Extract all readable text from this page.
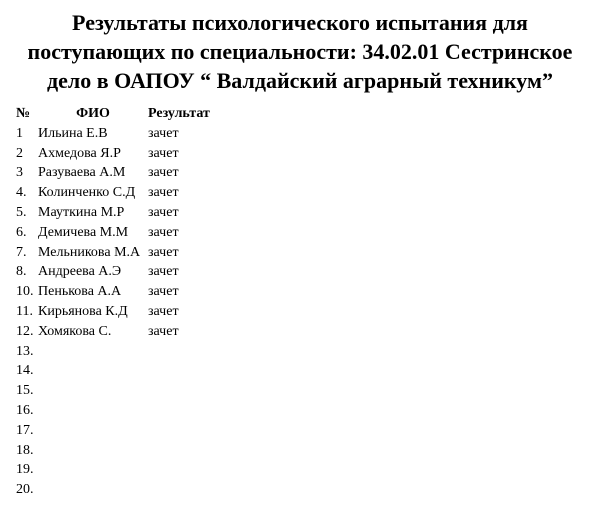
Результаты психологического испытания для
поступающих по специальности: 34.02.01 Сестринское
дело в ОАПОУ “ Валдайский аграрный техникум”
№	ФИО	Результат
1	Ильина Е.В	зачет
2	Ахмедова Я.Р	зачет
3	Разуваева А.М	зачет
4. Колинченко С.Д зачет
5. Мауткина М.Р	зачет
6. Демичева М.М	зачет
7. Мельникова М.А зачет
8. Андреева А.Э	зачет
10. Пенькова А.А	зачет
11. Кирьянова К.Д	зачет
12. Хомякова С.	зачет
13.
14.
15.
16.
17.
18.
19.
20.
